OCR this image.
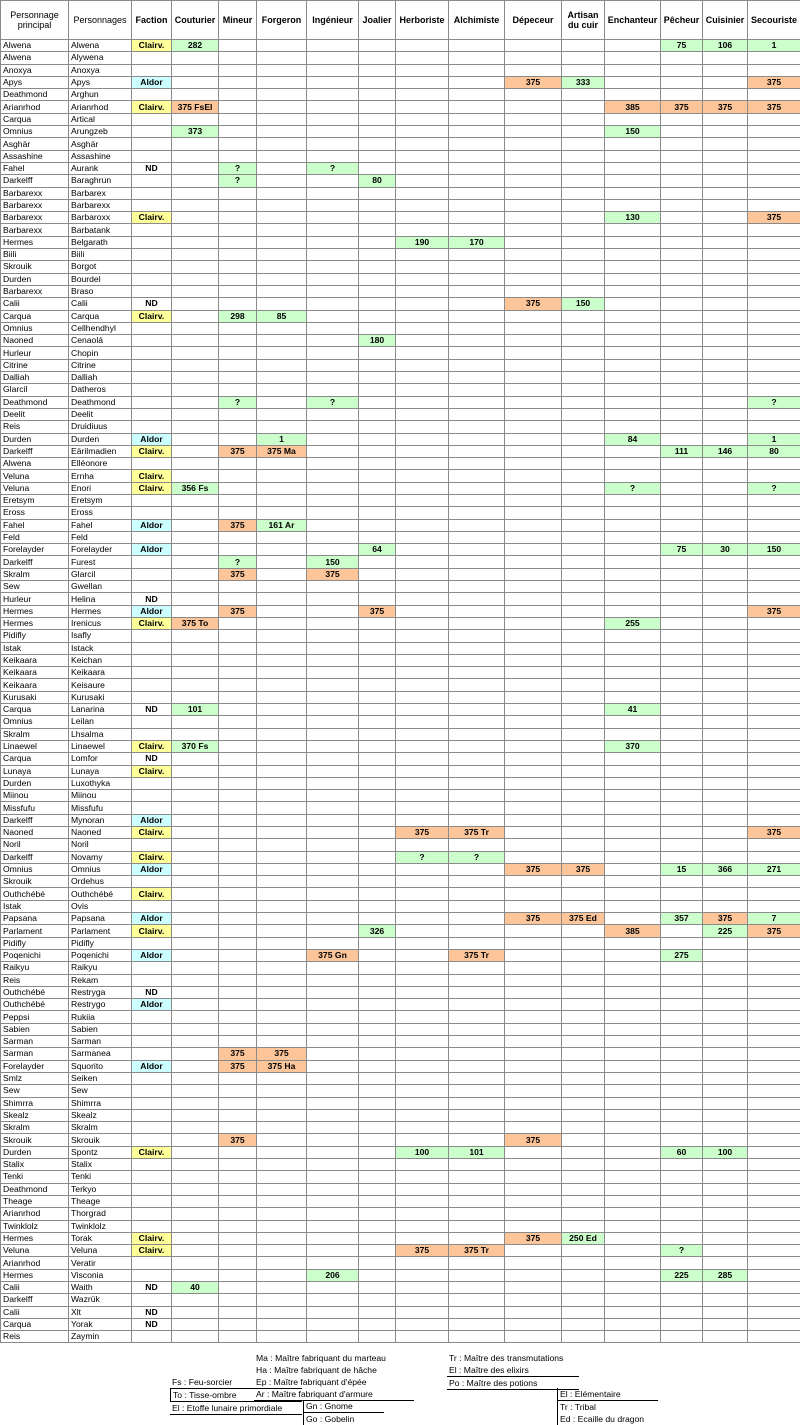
Personnage principal	Personnages	Faction	Couturier	Mineur	Forgeron	Ingénieur	Joalier	Herboriste	Alchimiste	Dépeceur	Artisan du cuir	Enchanteur	Pêcheur	Cuisinier	Secouriste
Alwena	Alwena	Clairv.	282										75	106	1
Alwena	Alywena														
Anoxya	Anoxya														
Apys	Apys	Aldor								375	333				375
Deathmond	Arghun														
Arianrhod	Arianrhod	Clairv.	375 FsEl									385	375	375	375
Carqua	Artical														
Omnius	Arungzeb		373									150			
Asghär	Asghär														
Assashine	Assashine														
Fahel	Aurank	ND		?		?									
Darkelff	Baraghrun			?			80								
Barbarexx	Barbarex														
Barbarexx	Barbarexx														
Barbarexx	Barbaroxx	Clairv.										130			375
Barbarexx	Barbatank														
Hermes	Belgarath							190	170						
Biili	Biili														
Skrouik	Borgot														
Durden	Bourdel														
Barbarexx	Braso														
Calii	Calii	ND								375	150				
Carqua	Carqua	Clairv.		298	85										
Omnius	Cellhendhyl														
Naoned	Cenaolá						180								
Hurleur	Chopin														
Citrine	Citrine														
Dalliah	Dalliah														
Glarcil	Datheros														
Deathmond	Deathmond			?		?									?
Deelit	Deelit														
Reis	Druidiuus														
Durden	Durden	Aldor			1							84			1
Darkelff	Eärilmadien	Clairv.		375	375 Ma								111	146	80
Alwena	Elléonore														
Veluna	Ernha	Clairv.													
Veluna	Enori	Clairv.	356 Fs									?			?
Eretsym	Eretsym														
Eross	Eross														
Fahel	Fahel	Aldor		375	161 Ar										
Feld	Feld														
Forelayder	Forelayder	Aldor					64						75	30	150
Darkelff	Furest			?		150									
Skralm	Glarcil			375		375									
Sew	Gwellan														
Hurleur	Helina	ND													
Hermes	Hermes	Aldor		375			375								375
Hermes	Irenicus	Clairv.	375 To									255			
Pidifly	Isafly														
Istak	Istack														
Keikaara	Keichan														
Keikaara	Keikaara														
Keikaara	Keisaure														
Kurusaki	Kurusaki														
Carqua	Lanarina	ND	101									41			
Omnius	Leilan														
Skralm	Lhsalma														
Linaewel	Linaewel	Clairv.	370 Fs									370			
Carqua	Lomfor	ND													
Lunaya	Lunaya	Clairv.													
Durden	Luxothyka														
Miinou	Miinou														
Missfufu	Missfufu														
Darkelff	Mynoran	Aldor													
Naoned	Naoned	Clairv.						375	375 Tr						375
Noril	Noril														
Darkelff	Novamy	Clairv.						?	?						
Omnius	Omnius	Aldor								375	375		15	366	271
Skrouik	Ordehus														
Outhchébé	Outhchébé	Clairv.													
Istak	Ovis														
Papsana	Papsana	Aldor								375	375 Ed		357	375	7
Parlament	Parlament	Clairv.					326					385		225	375
Pidifly	Pidifly														
Poqenichi	Poqenichi	Aldor				375 Gn			375 Tr				275		
Raikyu	Raikyu														
Reis	Rekam														
Outhchébé	Restryga	ND													
Outhchébé	Restrygo	Aldor													
Peppsi	Rukiia														
Sabien	Sabien														
Sarman	Sarman														
Sarman	Sarmanea			375	375										
Forelayder	Squorito	Aldor		375	375 Ha										
Smlz	Seiken														
Sew	Sew														
Shimrra	Shimrra														
Skealz	Skealz														
Skralm	Skralm														
Skrouik	Skrouik			375						375					
Durden	Spontz	Clairv.						100	101				60	100	
Stalix	Stalix														
Tenki	Tenki														
Deathmond	Terkyo														
Theage	Theage														
Arianrhod	Thorgrad														
Twinklolz	Twinklolz														
Hermes	Torak	Clairv.								375	250 Ed				
Veluna	Veluna	Clairv.						375	375 Tr				?		
Arianrhod	Veratir														
Hermes	Visconia					206							225	285	
Calii	Waith	ND	40												
Darkelff	Wazrük														
Calii	Xlt	ND													
Carqua	Yorak	ND													
Reis	Zaymin														
Fs : Feu-sorcier
To : Tisse-ombre
El : Etoffe lunaire primordiale
Ma : Maître fabriquant du marteau
Ha : Maître fabriquant de hâche
Ep : Maître fabriquant d'épée
Ar : Maître fabriquant d'armure
Gn : Gnome
Go : Gobelin
Tr : Maître des transmutations
El : Maître des elixirs
Po : Maître des potions
El : Elémentaire
Tr : Tribal
Ed : Ecaille du dragon
